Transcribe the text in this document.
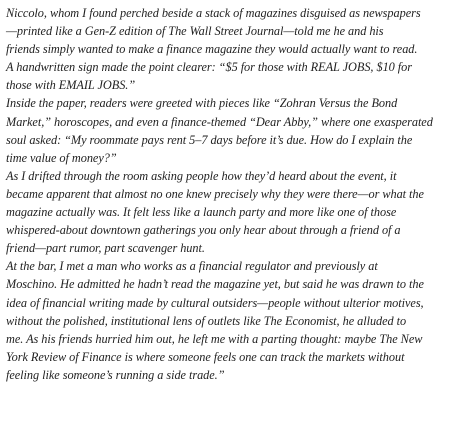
Niccolo, whom I found perched beside a stack of magazines disguised as newspapers
—printed like a Gen-Z edition of The Wall Street Journal—told me he and his
friends simply wanted to make a finance magazine they would actually want to read.
A handwritten sign made the point clearer: “$5 for those with REAL JOBS, $10 for
those with EMAIL JOBS.”

Inside the paper, readers were greeted with pieces like “Zohran Versus the Bond
Market,” horoscopes, and even a finance-themed “Dear Abby,” where one exasperated
soul asked: “My roommate pays rent 5–7 days before it’s due. How do I explain the
time value of money?”

As I drifted through the room asking people how they’d heard about the event, it
became apparent that almost no one knew precisely why they were there—or what the
magazine actually was. It felt less like a launch party and more like one of those
whispered-about downtown gatherings you only hear about through a friend of a
friend—part rumor, part scavenger hunt.

At the bar, I met a man who works as a financial regulator and previously at
Moschino. He admitted he hadn’t read the magazine yet, but said he was drawn to the
idea of financial writing made by cultural outsiders—people without ulterior motives,
without the polished, institutional lens of outlets like The Economist, he alluded to
me. As his friends hurried him out, he left me with a parting thought: maybe The New
York Review of Finance is where someone feels one can track the markets without
feeling like someone’s running a side trade.”
